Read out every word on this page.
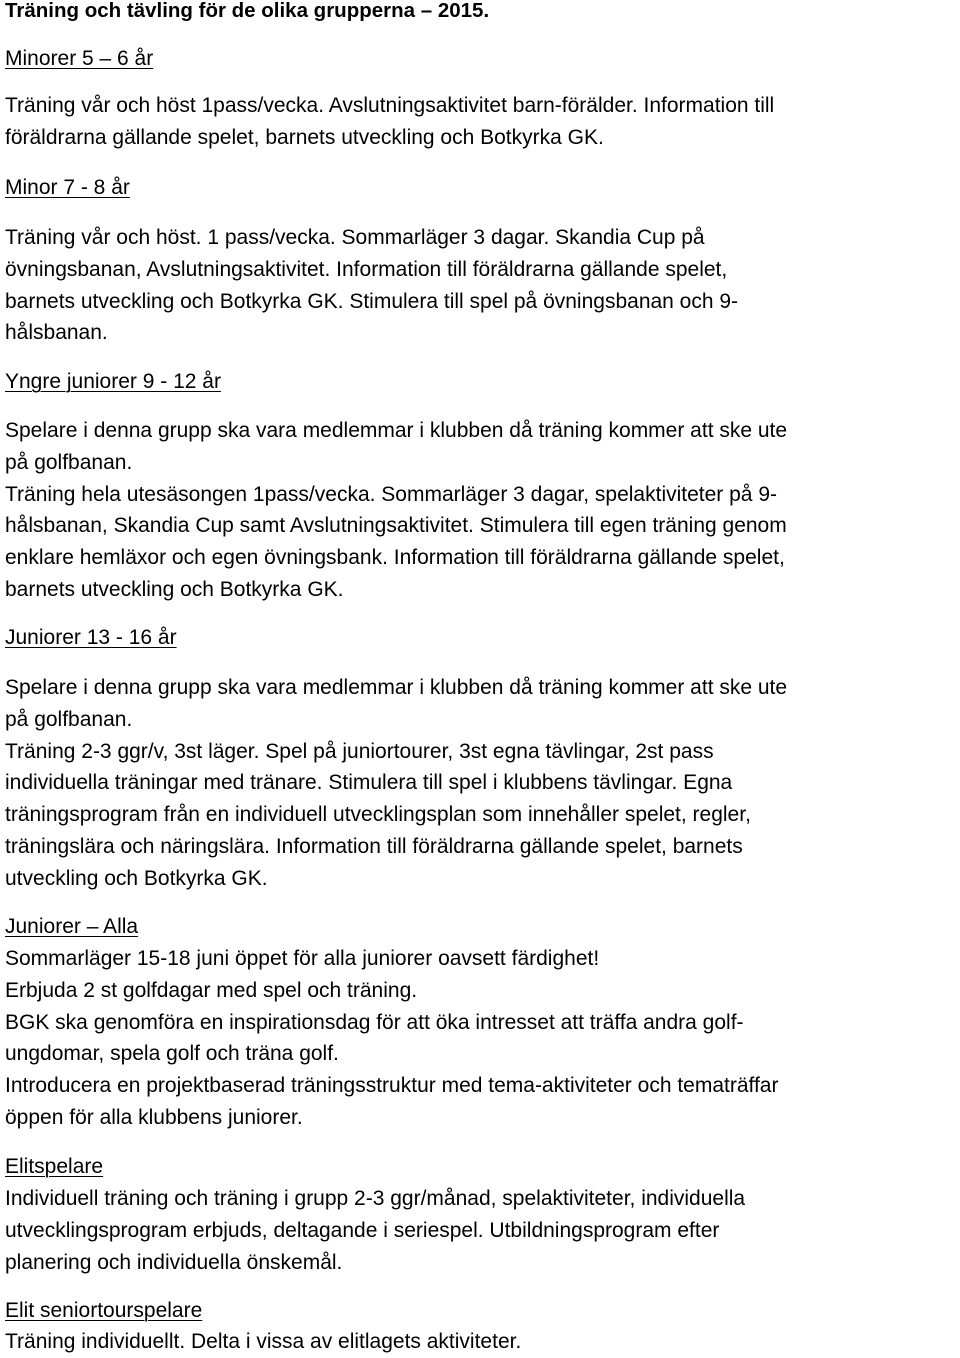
Träning och tävling för de olika grupperna – 2015.
Minorer 5 – 6 år
Träning vår och höst 1pass/vecka. Avslutningsaktivitet barn-förälder. Information till
föräldrarna gällande spelet, barnets utveckling och Botkyrka GK.
Minor 7 - 8 år
Träning vår och höst. 1 pass/vecka. Sommarläger 3 dagar. Skandia Cup på
övningsbanan, Avslutningsaktivitet. Information till föräldrarna gällande spelet,
barnets utveckling och Botkyrka GK. Stimulera till spel på övningsbanan och 9-
hålsbanan.
Yngre juniorer 9 - 12 år
Spelare i denna grupp ska vara medlemmar i klubben då träning kommer att ske ute
på golfbanan.
Träning hela utesäsongen 1pass/vecka. Sommarläger 3 dagar, spelaktiviteter på 9-
hålsbanan, Skandia Cup samt Avslutningsaktivitet. Stimulera till egen träning genom
enklare hemläxor och egen övningsbank. Information till föräldrarna gällande spelet,
barnets utveckling och Botkyrka GK.
Juniorer 13 - 16 år
Spelare i denna grupp ska vara medlemmar i klubben då träning kommer att ske ute
på golfbanan.
Träning 2-3 ggr/v, 3st läger. Spel på juniortourer, 3st egna tävlingar, 2st pass
individuella träningar med tränare. Stimulera till spel i klubbens tävlingar. Egna
träningsprogram från en individuell utvecklingsplan som innehåller spelet, regler,
träningslära och näringslära. Information till föräldrarna gällande spelet, barnets
utveckling och Botkyrka GK.
Juniorer – Alla
Sommarläger 15-18 juni öppet för alla juniorer oavsett färdighet!
Erbjuda 2 st golfdagar med spel och träning.
BGK ska genomföra en inspirationsdag för att öka intresset att träffa andra golf-
ungdomar, spela golf och träna golf.
Introducera en projektbaserad träningsstruktur med tema-aktiviteter och tematräffar
öppen för alla klubbens juniorer.
Elitspelare
Individuell träning och träning i grupp 2-3 ggr/månad, spelaktiviteter, individuella
utvecklingsprogram erbjuds, deltagande i seriespel. Utbildningsprogram efter
planering och individuella önskemål.
Elit seniortourspelare
Träning individuellt. Delta i vissa av elitlagets aktiviteter.
